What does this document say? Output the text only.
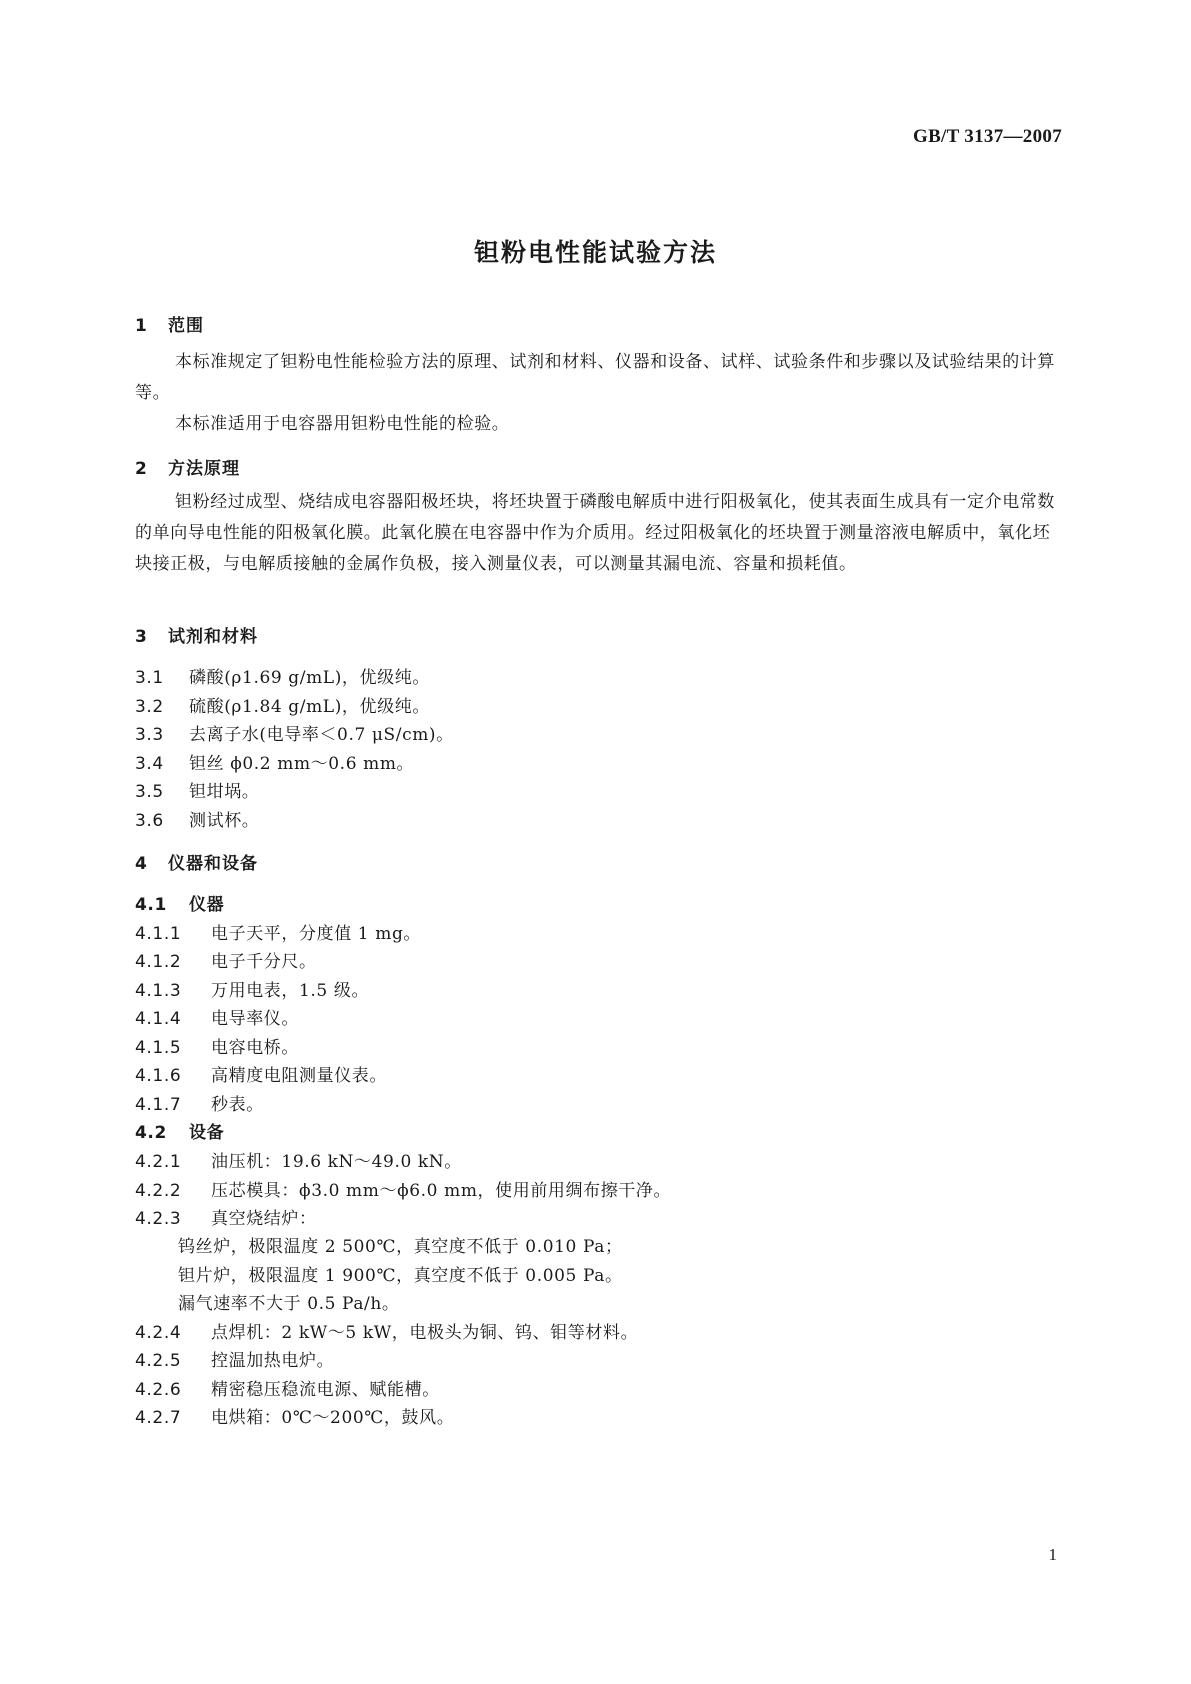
GB/T 3137—2007
钽粉电性能试验方法
1 范围
本标准规定了钽粉电性能检验方法的原理、试剂和材料、仪器和设备、试样、试验条件和步骤以及试验结果的计算等。
本标准适用于电容器用钽粉电性能的检验。
2 方法原理
钽粉经过成型、烧结成电容器阳极坯块，将坯块置于磷酸电解质中进行阳极氧化，使其表面生成具有一定介电常数的单向导电性能的阳极氧化膜。此氧化膜在电容器中作为介质用。经过阳极氧化的坯块置于测量溶液电解质中，氧化坯块接正极，与电解质接触的金属作负极，接入测量仪表，可以测量其漏电流、容量和损耗值。
3 试剂和材料
3.1 磷酸(ρ1.69 g/mL)，优级纯。
3.2 硫酸(ρ1.84 g/mL)，优级纯。
3.3 去离子水(电导率＜0.7 μS/cm)。
3.4 钽丝 ϕ0.2 mm～0.6 mm。
3.5 钽坩埚。
3.6 测试杯。
4 仪器和设备
4.1 仪器
4.1.1 电子天平，分度值 1 mg。
4.1.2 电子千分尺。
4.1.3 万用电表，1.5 级。
4.1.4 电导率仪。
4.1.5 电容电桥。
4.1.6 高精度电阻测量仪表。
4.1.7 秒表。
4.2 设备
4.2.1 油压机：19.6 kN～49.0 kN。
4.2.2 压芯模具：ϕ3.0 mm～ϕ6.0 mm，使用前用绸布擦干净。
4.2.3 真空烧结炉：
钨丝炉，极限温度 2 500℃，真空度不低于 0.010 Pa；
钽片炉，极限温度 1 900℃，真空度不低于 0.005 Pa。
漏气速率不大于 0.5 Pa/h。
4.2.4 点焊机：2 kW～5 kW，电极头为铜、钨、钼等材料。
4.2.5 控温加热电炉。
4.2.6 精密稳压稳流电源、赋能槽。
4.2.7 电烘箱：0℃～200℃，鼓风。
1
